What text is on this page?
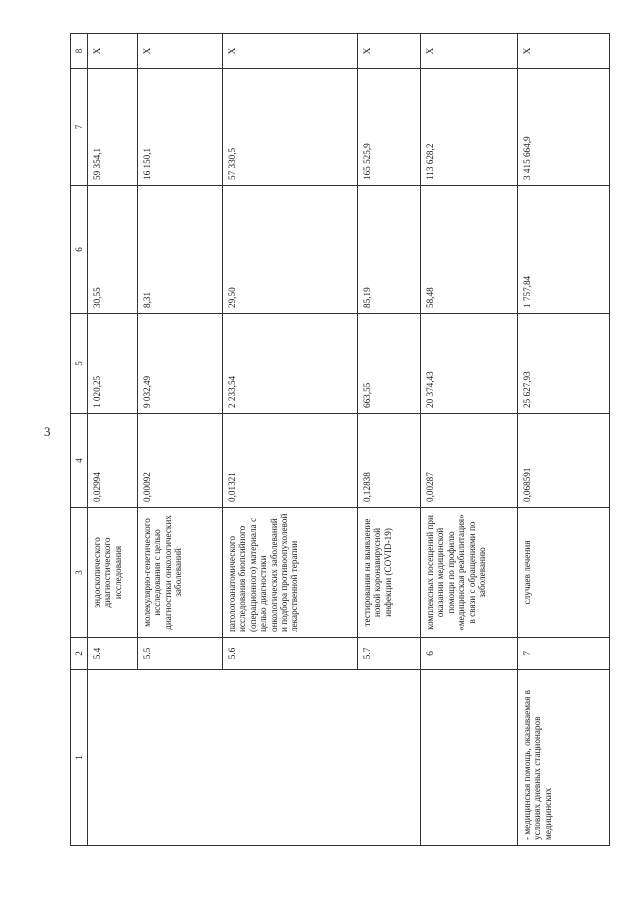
3
1	2	3	4	5	6	7	8
	5.4	эндоскопического диагностического исследования	0,02994	1 020,25	30,55	59 354,1	Х
	5.5	молекулярно-генетического исследования с целью диагностики онкологических заболеваний	0,00092	9 032,49	8,31	16 150,1	Х
	5.6	патологоанатомического исследования биопсийного (операционного) материала с целью диагностики онкологических заболеваний и подбора противоопухолевой лекарственной терапии	0,01321	2 233,54	29,50	57 330,5	Х
	5.7	тестирования на выявление новой коронавирусной инфекции (COVID-19)	0,12838	663,55	85,19	165 525,9	Х
	6	комплексных посещений при оказании медицинской помощи по профилю «медицинская реабилитация» в связи с обращениями по заболеванию	0,00287	20 374,43	58,48	113 628,2	Х
- медицинская помощь, оказываемая в условиях дневных стационаров медицинских	7	случаев лечения	0,068591	25 627,93	1 757,84	3 415 664,9	Х
